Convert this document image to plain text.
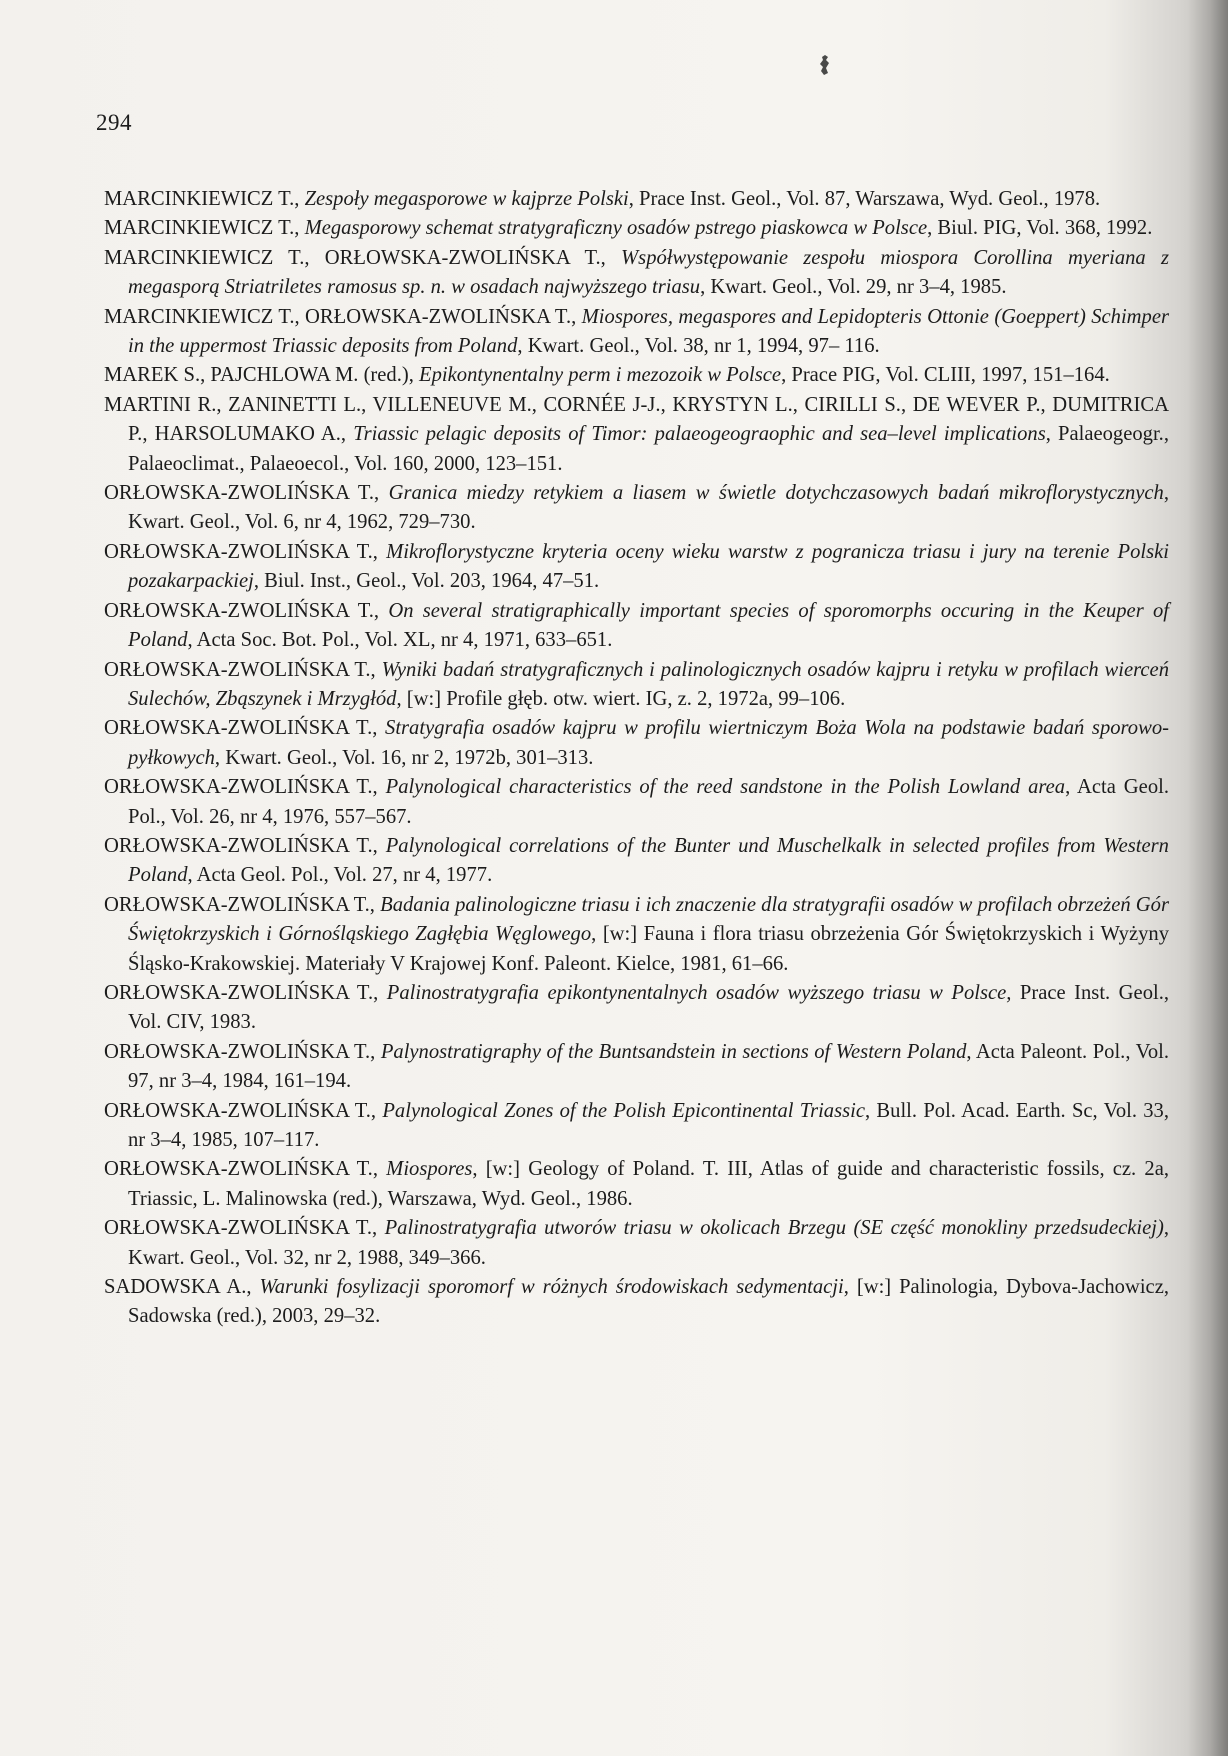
294

MARCINKIEWICZ T., Zespoły megasporowe w kajprze Polski, Prace Inst. Geol., Vol. 87, Warszawa, Wyd. Geol., 1978.

MARCINKIEWICZ T., Megasporowy schemat stratygraficzny osadów pstrego piaskowca w Polsce, Biul. PIG, Vol. 368, 1992.

MARCINKIEWICZ T., ORŁOWSKA-ZWOLIŃSKA T., Współwystępowanie zespołu miospora Corollina myeriana z megasporą Striatriletes ramosus sp. n. w osadach najwyższego triasu, Kwart. Geol., Vol. 29, nr 3–4, 1985.

MARCINKIEWICZ T., ORŁOWSKA-ZWOLIŃSKA T., Miospores, megaspores and Lepidopteris Ottonie (Goeppert) Schimper in the uppermost Triassic deposits from Poland, Kwart. Geol., Vol. 38, nr 1, 1994, 97– 116.

MAREK S., PAJCHLOWA M. (red.), Epikontynentalny perm i mezozoik w Polsce, Prace PIG, Vol. CLIII, 1997, 151–164.

MARTINI R., ZANINETTI L., VILLENEUVE M., CORNÉE J-J., KRYSTYN L., CIRILLI S., DE WEVER P., DUMITRICA P., HARSOLUMAKO A., Triassic pelagic deposits of Timor: palaeogeograophic and sea–level implications, Palaeogeogr., Palaeoclimat., Palaeoecol., Vol. 160, 2000, 123–151.

ORŁOWSKA-ZWOLIŃSKA T., Granica miedzy retykiem a liasem w świetle dotychczasowych badań mikroflorystycznych, Kwart. Geol., Vol. 6, nr 4, 1962, 729–730.

ORŁOWSKA-ZWOLIŃSKA T., Mikroflorystyczne kryteria oceny wieku warstw z pogranicza triasu i jury na terenie Polski pozakarpackiej, Biul. Inst., Geol., Vol. 203, 1964, 47–51.

ORŁOWSKA-ZWOLIŃSKA T., On several stratigraphically important species of sporomorphs occuring in the Keuper of Poland, Acta Soc. Bot. Pol., Vol. XL, nr 4, 1971, 633–651.

ORŁOWSKA-ZWOLIŃSKA T., Wyniki badań stratygraficznych i palinologicznych osadów kajpru i retyku w profilach wierceń Sulechów, Zbąszynek i Mrzygłód, [w:] Profile głęb. otw. wiert. IG, z. 2, 1972a, 99–106.

ORŁOWSKA-ZWOLIŃSKA T., Stratygrafia osadów kajpru w profilu wiertniczym Boża Wola na podstawie badań sporowo-pyłkowych, Kwart. Geol., Vol. 16, nr 2, 1972b, 301–313.

ORŁOWSKA-ZWOLIŃSKA T., Palynological characteristics of the reed sandstone in the Polish Lowland area, Acta Geol. Pol., Vol. 26, nr 4, 1976, 557–567.

ORŁOWSKA-ZWOLIŃSKA T., Palynological correlations of the Bunter und Muschelkalk in selected profiles from Western Poland, Acta Geol. Pol., Vol. 27, nr 4, 1977.

ORŁOWSKA-ZWOLIŃSKA T., Badania palinologiczne triasu i ich znaczenie dla stratygrafii osadów w profilach obrzeżeń Gór Świętokrzyskich i Górnośląskiego Zagłębia Węglowego, [w:] Fauna i flora triasu obrzeżenia Gór Świętokrzyskich i Wyżyny Śląsko-Krakowskiej. Materiały V Krajowej Konf. Paleont. Kielce, 1981, 61–66.

ORŁOWSKA-ZWOLIŃSKA T., Palinostratygrafia epikontynentalnych osadów wyższego triasu w Polsce, Prace Inst. Geol., Vol. CIV, 1983.

ORŁOWSKA-ZWOLIŃSKA T., Palynostratigraphy of the Buntsandstein in sections of Western Poland, Acta Paleont. Pol., Vol. 97, nr 3–4, 1984, 161–194.

ORŁOWSKA-ZWOLIŃSKA T., Palynological Zones of the Polish Epicontinental Triassic, Bull. Pol. Acad. Earth. Sc, Vol. 33, nr 3–4, 1985, 107–117.

ORŁOWSKA-ZWOLIŃSKA T., Miospores, [w:] Geology of Poland. T. III, Atlas of guide and characteristic fossils, cz. 2a, Triassic, L. Malinowska (red.), Warszawa, Wyd. Geol., 1986.

ORŁOWSKA-ZWOLIŃSKA T., Palinostratygrafia utworów triasu w okolicach Brzegu (SE część monokliny przedsudeckiej), Kwart. Geol., Vol. 32, nr 2, 1988, 349–366.

SADOWSKA A., Warunki fosylizacji sporomorf w różnych środowiskach sedymentacji, [w:] Palinologia, Dybova-Jachowicz, Sadowska (red.), 2003, 29–32.
